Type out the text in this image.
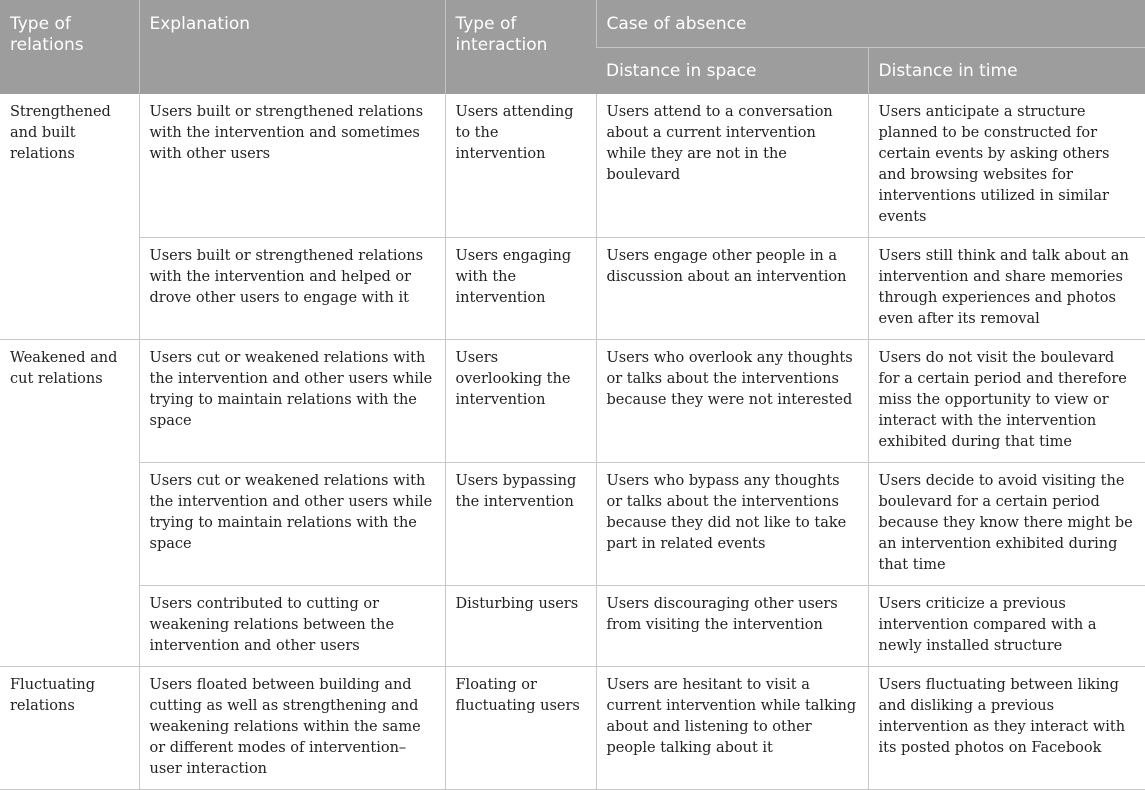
Type of relations	Explanation	Type of interaction	Case of absence	
			Distance in space	Distance in time
Strengthened and built relations	Users built or strengthened relations with the intervention and sometimes with other users	Users attending to the intervention	Users attend to a conversation about a current intervention while they are not in the boulevard	Users anticipate a structure planned to be constructed for certain events by asking others and browsing websites for interventions utilized in similar events
	Users built or strengthened relations with the intervention and helped or drove other users to engage with it	Users engaging with the intervention	Users engage other people in a discussion about an intervention	Users still think and talk about an intervention and share memories through experiences and photos even after its removal
Weakened and cut relations	Users cut or weakened relations with the intervention and other users while trying to maintain relations with the space	Users overlooking the intervention	Users who overlook any thoughts or talks about the interventions because they were not interested	Users do not visit the boulevard for a certain period and therefore miss the opportunity to view or interact with the intervention exhibited during that time
	Users cut or weakened relations with the intervention and other users while trying to maintain relations with the space	Users bypassing the intervention	Users who bypass any thoughts or talks about the interventions because they did not like to take part in related events	Users decide to avoid visiting the boulevard for a certain period because they know there might be an intervention exhibited during that time
	Users contributed to cutting or weakening relations between the intervention and other users	Disturbing users	Users discouraging other users from visiting the intervention	Users criticize a previous intervention compared with a newly installed structure
Fluctuating relations	Users floated between building and cutting as well as strengthening and weakening relations within the same or different modes of intervention–user interaction	Floating or fluctuating users	Users are hesitant to visit a current intervention while talking about and listening to other people talking about it	Users fluctuating between liking and disliking a previous intervention as they interact with its posted photos on Facebook
